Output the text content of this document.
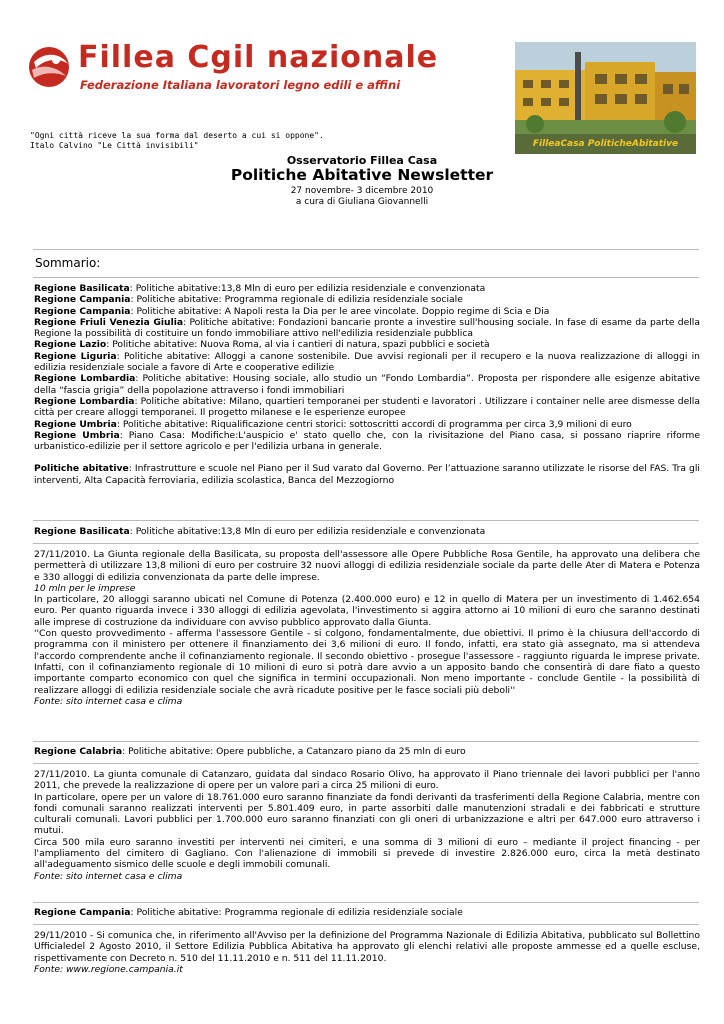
Fillea Cgil nazionale
Federazione Italiana lavoratori legno edili e affini
"Ogni città riceve la sua forma dal deserto a cui si oppone".
Italo Calvino "Le Città invisibili"	FilleaCasa PoliticheAbitative
Osservatorio Fillea Casa
Politiche Abitative Newsletter
27 novembre- 3 dicembre 2010
a cura di Giuliana Giovannelli
Sommario:

Regione Basilicata: Politiche abitative:13,8 Mln di euro per edilizia residenziale e convenzionata

Regione Campania: Politiche abitative: Programma regionale di edilizia residenziale sociale

Regione Campania: Politiche abitative: A Napoli resta la Dia per le aree vincolate. Doppio regime di Scia e Dia

Regione Friuli Venezia Giulia: Politiche abitative: Fondazioni bancarie pronte a investire sull'housing sociale. In fase di esame da parte della Regione la possibilità di costituire un fondo immobiliare attivo nell'edilizia residenziale pubblica

Regione Lazio: Politiche abitative: Nuova Roma, al via i cantieri di natura, spazi pubblici e società

Regione Liguria: Politiche abitative: Alloggi a canone sostenibile. Due avvisi regionali per il recupero e la nuova realizzazione di alloggi in edilizia residenziale sociale a favore di Arte e cooperative edilizie

Regione Lombardia: Politiche abitative: Housing sociale, allo studio un “Fondo Lombardia”. Proposta per rispondere alle esigenze abitative della “fascia grigia” della popolazione attraverso i fondi immobiliari

Regione Lombardia: Politiche abitative: Milano, quartieri temporanei per studenti e lavoratori . Utilizzare i container nelle aree dismesse della città per creare alloggi temporanei. Il progetto milanese e le esperienze europee

Regione Umbria: Politiche abitative: Riqualificazione centri storici: sottoscritti accordi di programma per circa 3,9 milioni di euro

Regione Umbria: Piano Casa: Modifiche:L'auspicio e' stato quello che, con la rivisitazione del Piano casa, si possano riaprire riforme urbanistico-edilizie per il settore agricolo e per l'edilizia urbana in generale.

Politiche abitative: Infrastrutture e scuole nel Piano per il Sud varato dal Governo. Per l’attuazione saranno utilizzate le risorse del FAS. Tra gli interventi, Alta Capacità ferroviaria, edilizia scolastica, Banca del Mezzogiorno

Regione Basilicata: Politiche abitative:13,8 Mln di euro per edilizia residenziale e convenzionata

27/11/2010. La Giunta regionale della Basilicata, su proposta dell'assessore alle Opere Pubbliche Rosa Gentile, ha approvato una delibera che permetterà di utilizzare 13,8 milioni di euro per costruire 32 nuovi alloggi di edilizia residenziale sociale da parte delle Ater di Matera e Potenza e 330 alloggi di edilizia convenzionata da parte delle imprese.

10 mln per le imprese

In particolare, 20 alloggi saranno ubicati nel Comune di Potenza (2.400.000 euro) e 12 in quello di Matera per un investimento di 1.462.654 euro. Per quanto riguarda invece i 330 alloggi di edilizia agevolata, l'investimento si aggira attorno ai 10 milioni di euro che saranno destinati alle imprese di costruzione da individuare con avviso pubblico approvato dalla Giunta.

''Con questo provvedimento - afferma l'assessore Gentile - si colgono, fondamentalmente, due obiettivi. Il primo è la chiusura dell'accordo di programma con il ministero per ottenere il finanziamento dei 3,6 milioni di euro. Il fondo, infatti, era stato già assegnato, ma si attendeva l'accordo comprendente anche il cofinanziamento regionale. Il secondo obiettivo - prosegue l'assessore - raggiunto riguarda le imprese private. Infatti, con il cofinanziamento regionale di 10 milioni di euro si potrà dare avvio a un apposito bando che consentirà di dare fiato a questo importante comparto economico con quel che significa in termini occupazionali. Non meno importante - conclude Gentile - la possibilità di realizzare alloggi di edilizia residenziale sociale che avrà ricadute positive per le fasce sociali più deboli''

Fonte: sito internet casa e clima

Regione Calabria: Politiche abitative: Opere pubbliche, a Catanzaro piano da 25 mln di euro

27/11/2010. La giunta comunale di Catanzaro, guidata dal sindaco Rosario Olivo, ha approvato il Piano triennale dei lavori pubblici per l'anno 2011, che prevede la realizzazione di opere per un valore pari a circa 25 milioni di euro.

In particolare, opere per un valore di 18.761.000 euro saranno finanziate da fondi derivanti da trasferimenti della Regione Calabria, mentre con fondi comunali saranno realizzati interventi per 5.801.409 euro, in parte assorbiti dalle manutenzioni stradali e dei fabbricati e strutture culturali comunali. Lavori pubblici per 1.700.000 euro saranno finanziati con gli oneri di urbanizzazione e altri per 647.000 euro attraverso i mutui.

Circa 500 mila euro saranno investiti per interventi nei cimiteri, e una somma di 3 milioni di euro – mediante il project financing - per l'ampliamento del cimitero di Gagliano. Con l'alienazione di immobili si prevede di investire 2.826.000 euro, circa la metà destinato all'adeguamento sismico delle scuole e degli immobili comunali.

Fonte: sito internet casa e clima

Regione Campania: Politiche abitative: Programma regionale di edilizia residenziale sociale

29/11/2010 - Si comunica che, in riferimento all'Avviso per la definizione del Programma Nazionale di Edilizia Abitativa, pubblicato sul Bollettino Ufficialedel 2 Agosto 2010, il Settore Edilizia Pubblica Abitativa ha approvato gli elenchi relativi alle proposte ammesse ed a quelle escluse, rispettivamente con Decreto n. 510 del 11.11.2010 e n. 511 del 11.11.2010.

Fonte: www.regione.campania.it
